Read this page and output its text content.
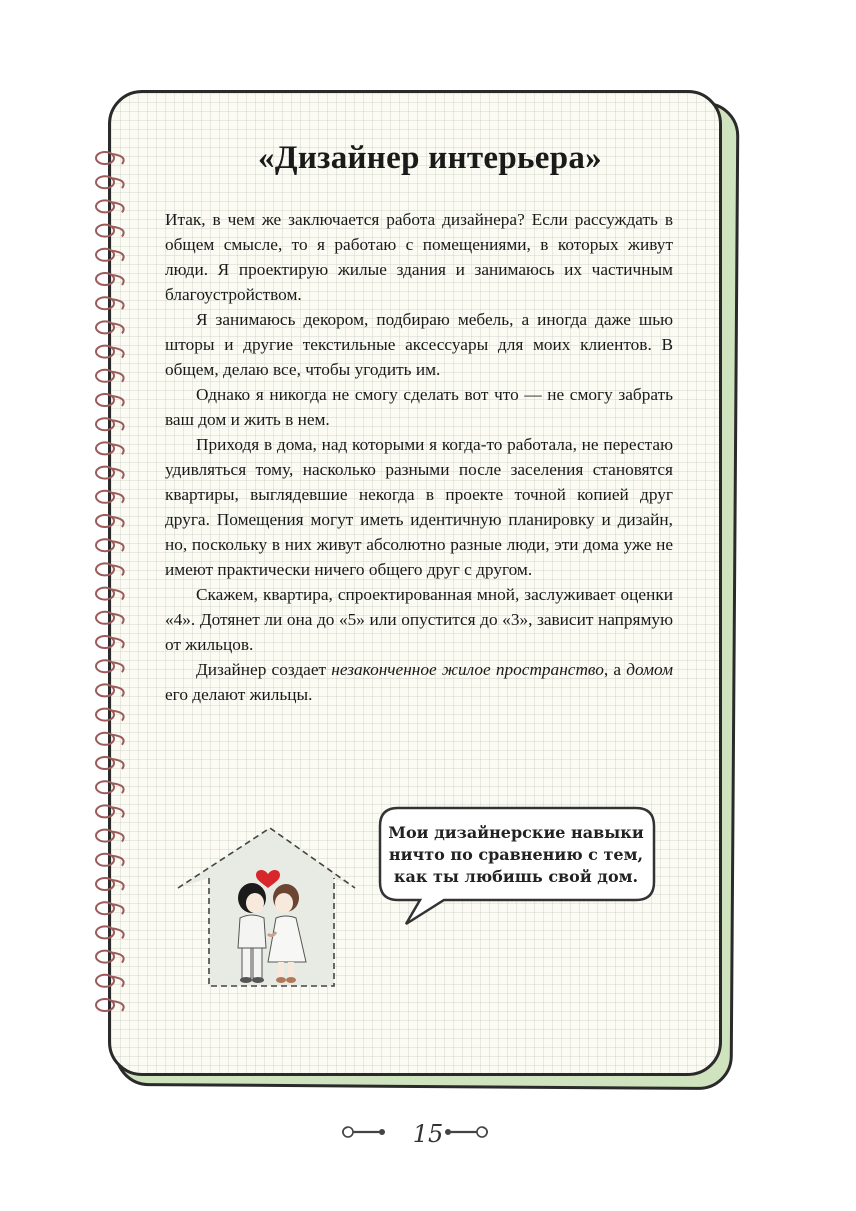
«Дизайнер интерьера»

Итак, в чем же заключается работа дизайнера? Если рассуждать в общем смысле, то я работаю с помещениями, в которых живут люди. Я проектирую жилые здания и занимаюсь их частичным благоустройством.

Я занимаюсь декором, подбираю мебель, а иногда даже шью шторы и другие текстильные аксессуары для моих клиентов. В общем, делаю все, чтобы угодить им.

Однако я никогда не смогу сделать вот что — не смогу забрать ваш дом и жить в нем.

Приходя в дома, над которыми я когда-то работала, не перестаю удивляться тому, насколько разными после заселения становятся квартиры, выглядевшие некогда в проекте точной копией друг друга. Помещения могут иметь идентичную планировку и дизайн, но, поскольку в них живут абсолютно разные люди, эти дома уже не имеют практически ничего общего друг с другом.

Скажем, квартира, спроектированная мной, заслуживает оценки «4». Дотянет ли она до «5» или опустится до «3», зависит напрямую от жильцов.

Дизайнер создает незаконченное жилое пространство, а домом его делают жильцы.

Мои дизайнерские навыки
ничто по сравнению с тем,
как ты любишь свой дом.
15
